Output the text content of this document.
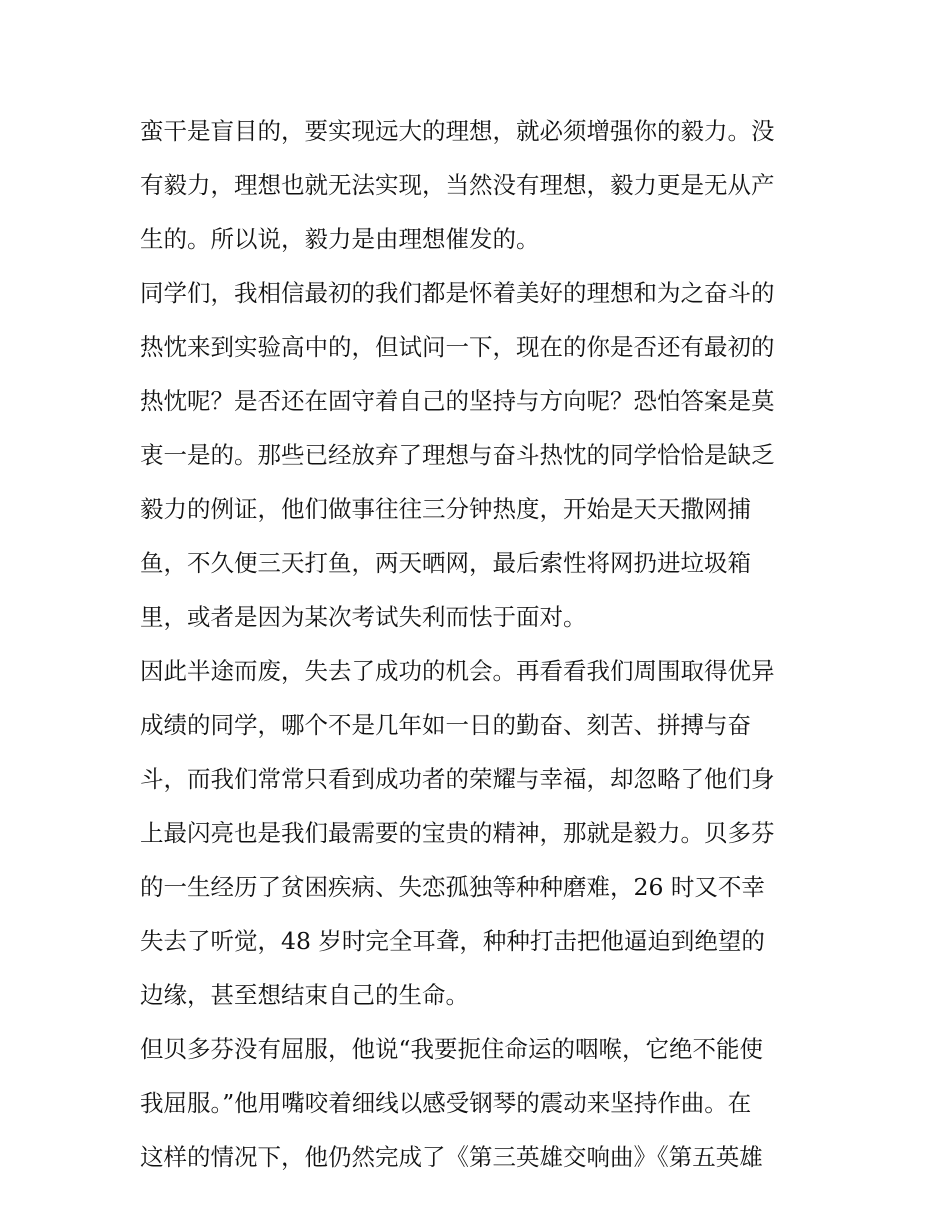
蛮干是盲目的，要实现远大的理想，就必须增强你的毅力。没
有毅力，理想也就无法实现，当然没有理想，毅力更是无从产
生的。所以说，毅力是由理想催发的。
同学们，我相信最初的我们都是怀着美好的理想和为之奋斗的
热忱来到实验高中的，但试问一下，现在的你是否还有最初的
热忱呢？是否还在固守着自己的坚持与方向呢？恐怕答案是莫
衷一是的。那些已经放弃了理想与奋斗热忱的同学恰恰是缺乏
毅力的例证，他们做事往往三分钟热度，开始是天天撒网捕
鱼，不久便三天打鱼，两天晒网，最后索性将网扔进垃圾箱
里，或者是因为某次考试失利而怯于面对。
因此半途而废，失去了成功的机会。再看看我们周围取得优异
成绩的同学，哪个不是几年如一日的勤奋、刻苦、拼搏与奋
斗，而我们常常只看到成功者的荣耀与幸福，却忽略了他们身
上最闪亮也是我们最需要的宝贵的精神，那就是毅力。贝多芬
的一生经历了贫困疾病、失恋孤独等种种磨难，26 时又不幸
失去了听觉，48 岁时完全耳聋，种种打击把他逼迫到绝望的
边缘，甚至想结束自己的生命。
但贝多芬没有屈服，他说“我要扼住命运的咽喉，它绝不能使
我屈服。”他用嘴咬着细线以感受钢琴的震动来坚持作曲。在
这样的情况下，他仍然完成了《第三英雄交响曲》《第五英雄
